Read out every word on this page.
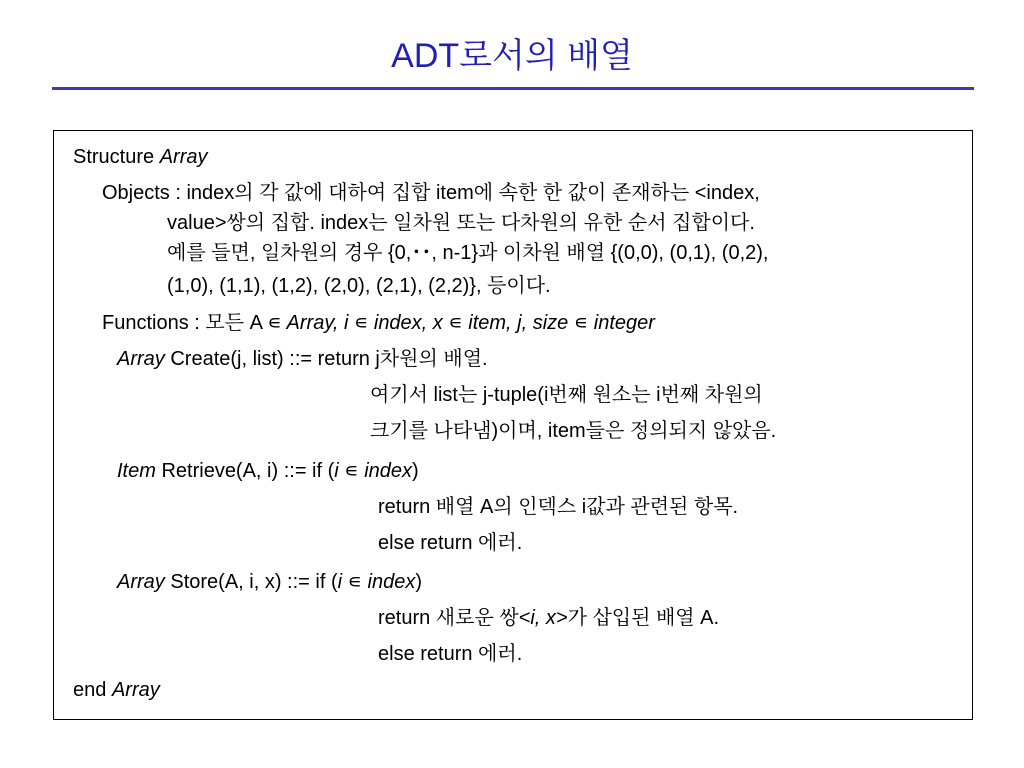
ADT로서의 배열
Structure Array
Objects : index의 각 값에 대하여 집합 item에 속한 한 값이 존재하는 <index,
value>쌍의 집합. index는 일차원 또는 다차원의 유한 순서 집합이다.
예를 들면, 일차원의 경우 {0,･･, n-1}과 이차원 배열 {(0,0), (0,1), (0,2),
(1,0), (1,1), (1,2), (2,0), (2,1), (2,2)}, 등이다.
Functions : 모든 A ∊ Array, i ∊ index, x ∊ item, j, size ∊ integer
Array Create(j, list) ::= return j차원의 배열.
여기서 list는 j-tuple(i번째 원소는 i번째 차원의
크기를 나타냄)이며, item들은 정의되지 않았음.
Item Retrieve(A, i) ::= if (i ∊ index)
return 배열 A의 인덱스 i값과 관련된 항목.
else return 에러.
Array Store(A, i, x) ::= if (i ∊ index)
return 새로운 쌍<i, x>가 삽입된 배열 A.
else return 에러.
end Array
